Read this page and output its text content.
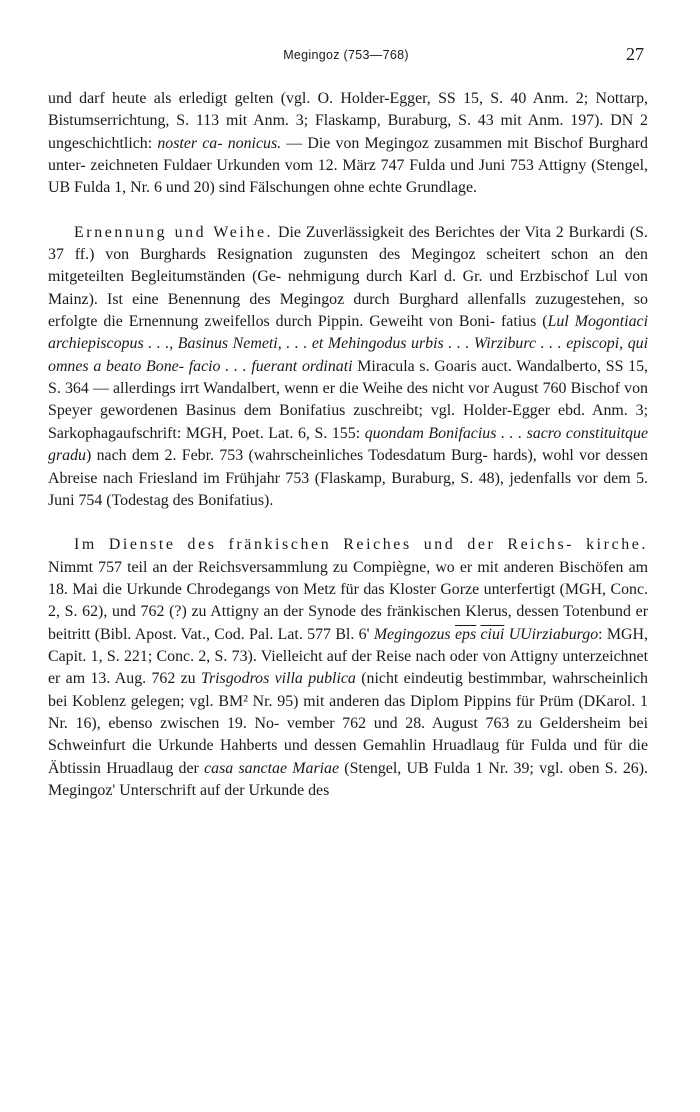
Megingoz (753—768)	27

und darf heute als erledigt gelten (vgl. O. Holder-Egger, SS 15, S. 40 Anm. 2; Nottarp, Bistumserrichtung, S. 113 mit Anm. 3; Flaskamp, Buraburg, S. 43 mit Anm. 197). DN 2 ungeschichtlich: noster ca- nonicus. — Die von Megingoz zusammen mit Bischof Burghard unter- zeichneten Fuldaer Urkunden vom 12. März 747 Fulda und Juni 753 Attigny (Stengel, UB Fulda 1, Nr. 6 und 20) sind Fälschungen ohne echte Grundlage.

Ernennung und Weihe. Die Zuverlässigkeit des Berichtes der Vita 2 Burkardi (S. 37 ff.) von Burghards Resignation zugunsten des Megingoz scheitert schon an den mitgeteilten Begleitumständen (Ge- nehmigung durch Karl d. Gr. und Erzbischof Lul von Mainz). Ist eine Benennung des Megingoz durch Burghard allenfalls zuzugestehen, so erfolgte die Ernennung zweifellos durch Pippin. Geweiht von Boni- fatius (Lul Mogontiaci archiepiscopus . . ., Basinus Nemeti, . . . et Mehingodus urbis . . . Wirziburc . . . episcopi, qui omnes a beato Bone- facio . . . fuerant ordinati Miracula s. Goaris auct. Wandalberto, SS 15, S. 364 — allerdings irrt Wandalbert, wenn er die Weihe des nicht vor August 760 Bischof von Speyer gewordenen Basinus dem Bonifatius zuschreibt; vgl. Holder-Egger ebd. Anm. 3; Sarkophagaufschrift: MGH, Poet. Lat. 6, S. 155: quondam Bonifacius . . . sacro constituitque gradu) nach dem 2. Febr. 753 (wahrscheinliches Todesdatum Burg- hards), wohl vor dessen Abreise nach Friesland im Frühjahr 753 (Flaskamp, Buraburg, S. 48), jedenfalls vor dem 5. Juni 754 (Todestag des Bonifatius).

Im Dienste des fränkischen Reiches und der Reichs- kirche. Nimmt 757 teil an der Reichsversammlung zu Compiègne, wo er mit anderen Bischöfen am 18. Mai die Urkunde Chrodegangs von Metz für das Kloster Gorze unterfertigt (MGH, Conc. 2, S. 62), und 762 (?) zu Attigny an der Synode des fränkischen Klerus, dessen Totenbund er beitritt (Bibl. Apost. Vat., Cod. Pal. Lat. 577 Bl. 6' Megingozus $\overline{eps}$ ciui UUirziaburgo: MGH, Capit. 1, S. 221; Conc. 2, S. 73). Vielleicht auf der Reise nach oder von Attigny unterzeichnet er am 13. Aug. 762 zu Trisgodros villa publica (nicht eindeutig bestimmbar, wahrscheinlich bei Koblenz gelegen; vgl. BM² Nr. 95) mit anderen das Diplom Pippins für Prüm (DKarol. 1 Nr. 16), ebenso zwischen 19. No- vember 762 und 28. August 763 zu Geldersheim bei Schweinfurt die Urkunde Hahberts und dessen Gemahlin Hruadlaug für Fulda und für die Äbtissin Hruadlaug der casa sanctae Mariae (Stengel, UB Fulda 1 Nr. 39; vgl. oben S. 26). Megingoz' Unterschrift auf der Urkunde des
